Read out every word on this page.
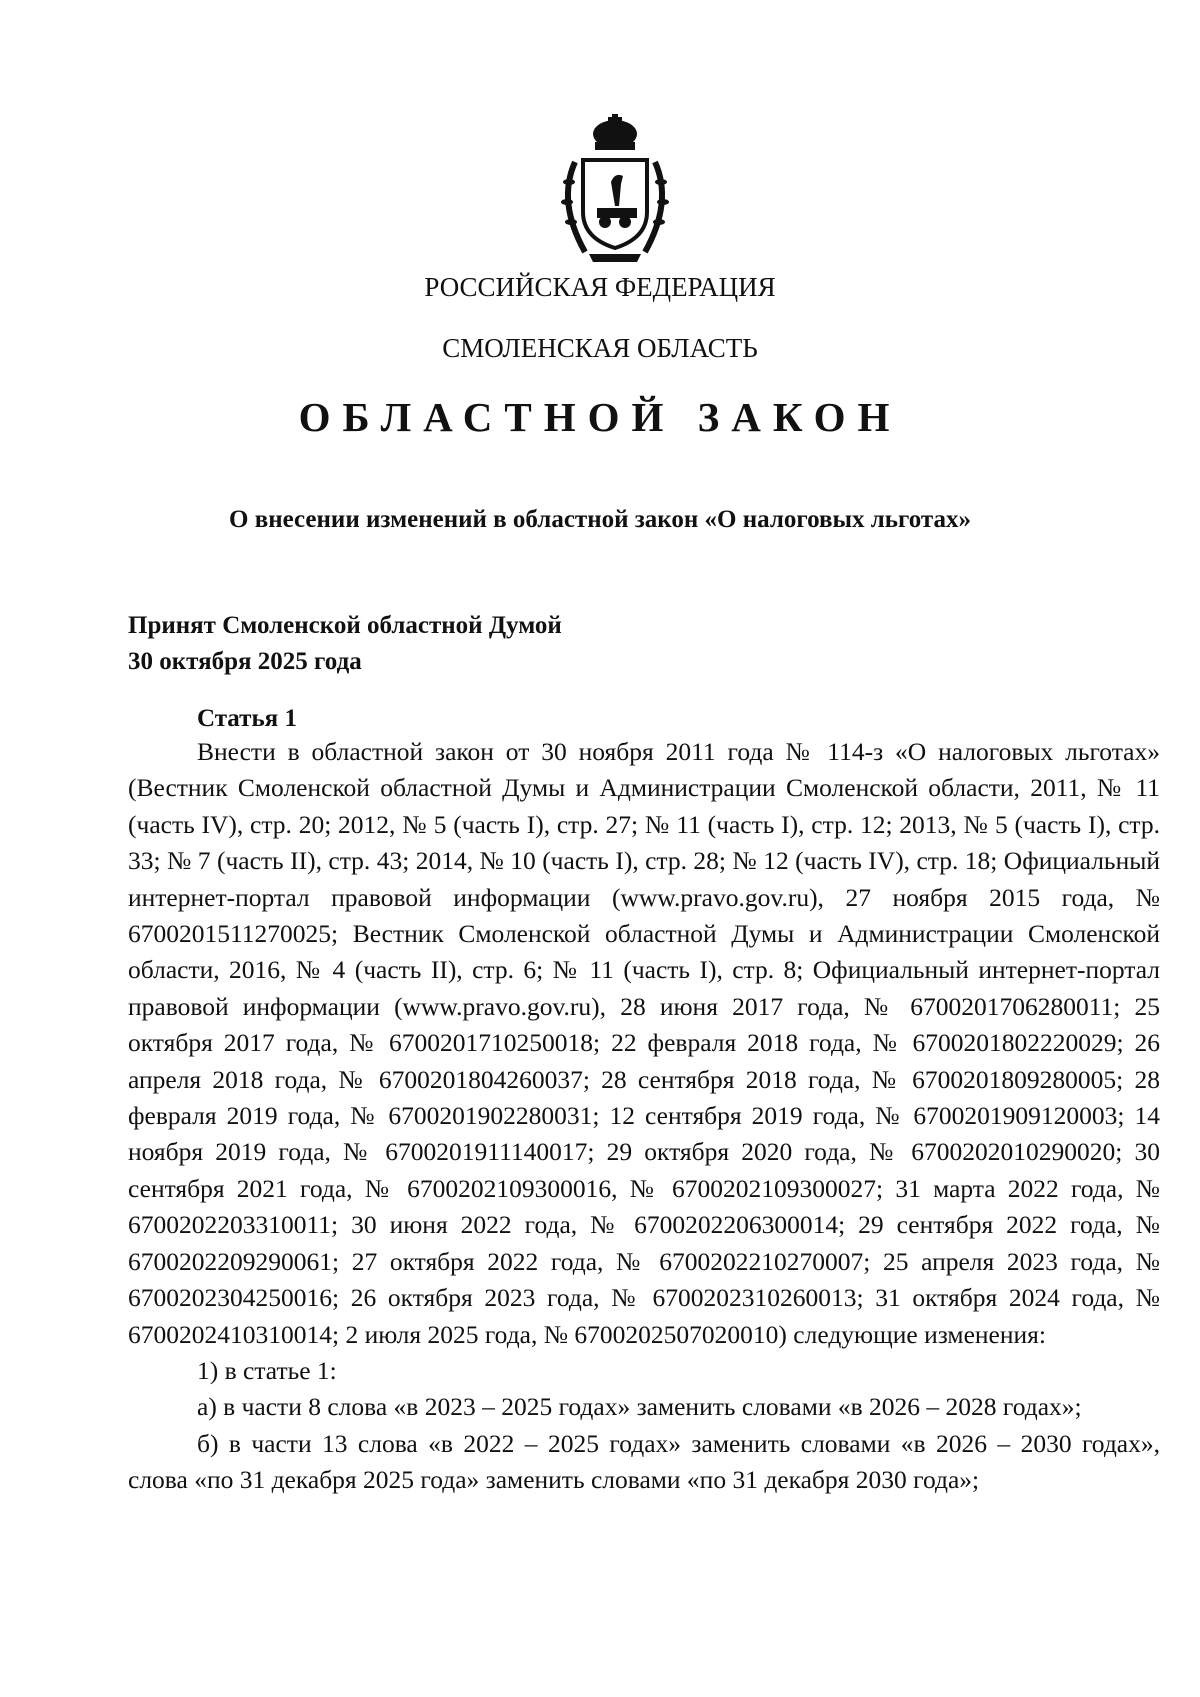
РОССИЙСКАЯ ФЕДЕРАЦИЯ
СМОЛЕНСКАЯ ОБЛАСТЬ
ОБЛАСТНОЙ ЗАКОН
О внесении изменений в областной закон «О налоговых льготах»
Принят Смоленской областной Думой
30 октября 2025 года
Статья 1

Внести в областной закон от 30 ноября 2011 года № 114-з «О налоговых льготах» (Вестник Смоленской областной Думы и Администрации Смоленской области, 2011, № 11 (часть IV), стр. 20; 2012, № 5 (часть I), стр. 27; № 11 (часть I), стр. 12; 2013, № 5 (часть I), стр. 33; № 7 (часть II), стр. 43; 2014, № 10 (часть I), стр. 28; № 12 (часть IV), стр. 18; Официальный интернет-портал правовой информации (www.pravo.gov.ru), 27 ноября 2015 года, № 6700201511270025; Вестник Смоленской областной Думы и Администрации Смоленской области, 2016, № 4 (часть II), стр. 6; № 11 (часть I), стр. 8; Официальный интернет-портал правовой информации (www.pravo.gov.ru), 28 июня 2017 года, № 6700201706280011; 25 октября 2017 года, № 6700201710250018; 22 февраля 2018 года, № 6700201802220029; 26 апреля 2018 года, № 6700201804260037; 28 сентября 2018 года, № 6700201809280005; 28 февраля 2019 года, № 6700201902280031; 12 сентября 2019 года, № 6700201909120003; 14 ноября 2019 года, № 6700201911140017; 29 октября 2020 года, № 6700202010290020; 30 сентября 2021 года, № 6700202109300016, № 6700202109300027; 31 марта 2022 года, № 6700202203310011; 30 июня 2022 года, № 6700202206300014; 29 сентября 2022 года, № 6700202209290061; 27 октября 2022 года, № 6700202210270007; 25 апреля 2023 года, № 6700202304250016; 26 октября 2023 года, № 6700202310260013; 31 октября 2024 года, № 6700202410310014; 2 июля 2025 года, № 6700202507020010) следующие изменения:

1) в статье 1:

а) в части 8 слова «в 2023 – 2025 годах» заменить словами «в 2026 – 2028 годах»;

б) в части 13 слова «в 2022 – 2025 годах» заменить словами «в 2026 – 2030 годах», слова «по 31 декабря 2025 года» заменить словами «по 31 декабря 2030 года»;
